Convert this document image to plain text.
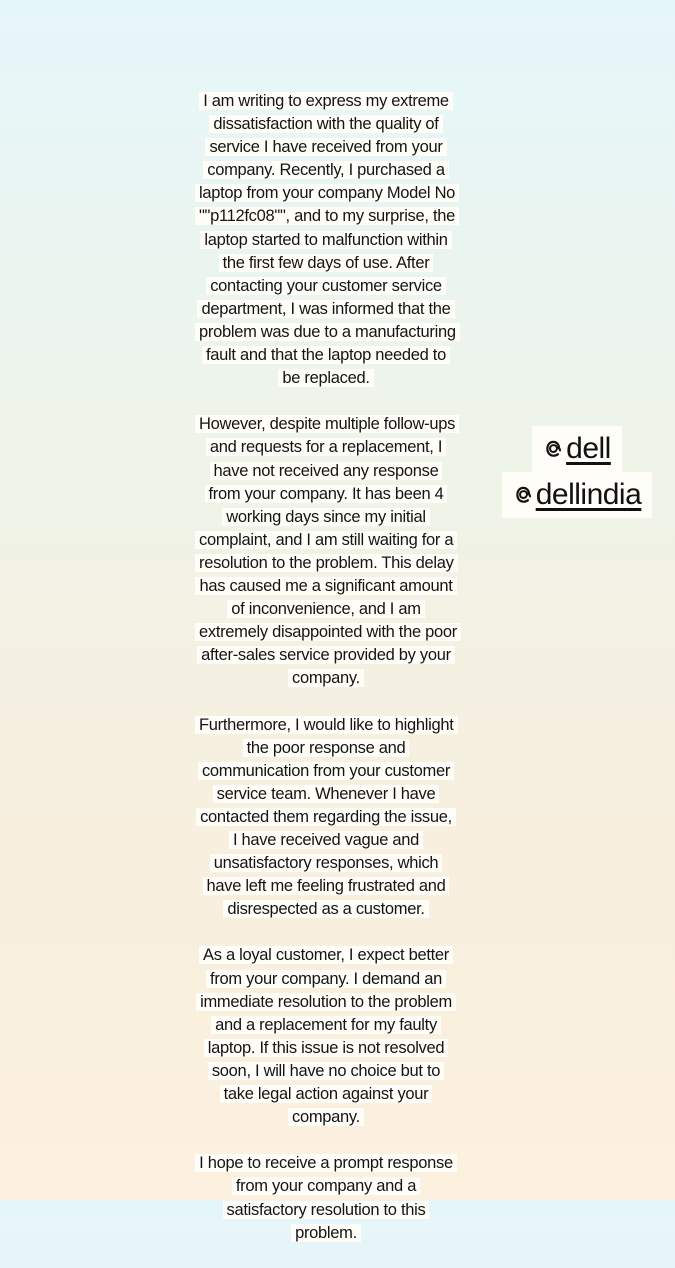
I am writing to express my extreme dissatisfaction with the quality of service I have received from your company. Recently, I purchased a laptop from your company Model No ""p112fc08"", and to my surprise, the laptop started to malfunction within the first few days of use. After contacting your customer service department, I was informed that the problem was due to a manufacturing fault and that the laptop needed to be replaced.

However, despite multiple follow-ups and requests for a replacement, I have not received any response from your company. It has been 4 working days since my initial complaint, and I am still waiting for a resolution to the problem. This delay has caused me a significant amount of inconvenience, and I am extremely disappointed with the poor after-sales service provided by your company.

Furthermore, I would like to highlight the poor response and communication from your customer service team. Whenever I have contacted them regarding the issue, I have received vague and unsatisfactory responses, which have left me feeling frustrated and disrespected as a customer.

As a loyal customer, I expect better from your company. I demand an immediate resolution to the problem and a replacement for my faulty laptop. If this issue is not resolved soon, I will have no choice but to take legal action against your company.

I hope to receive a prompt response from your company and a satisfactory resolution to this problem.

dell
dellindia
